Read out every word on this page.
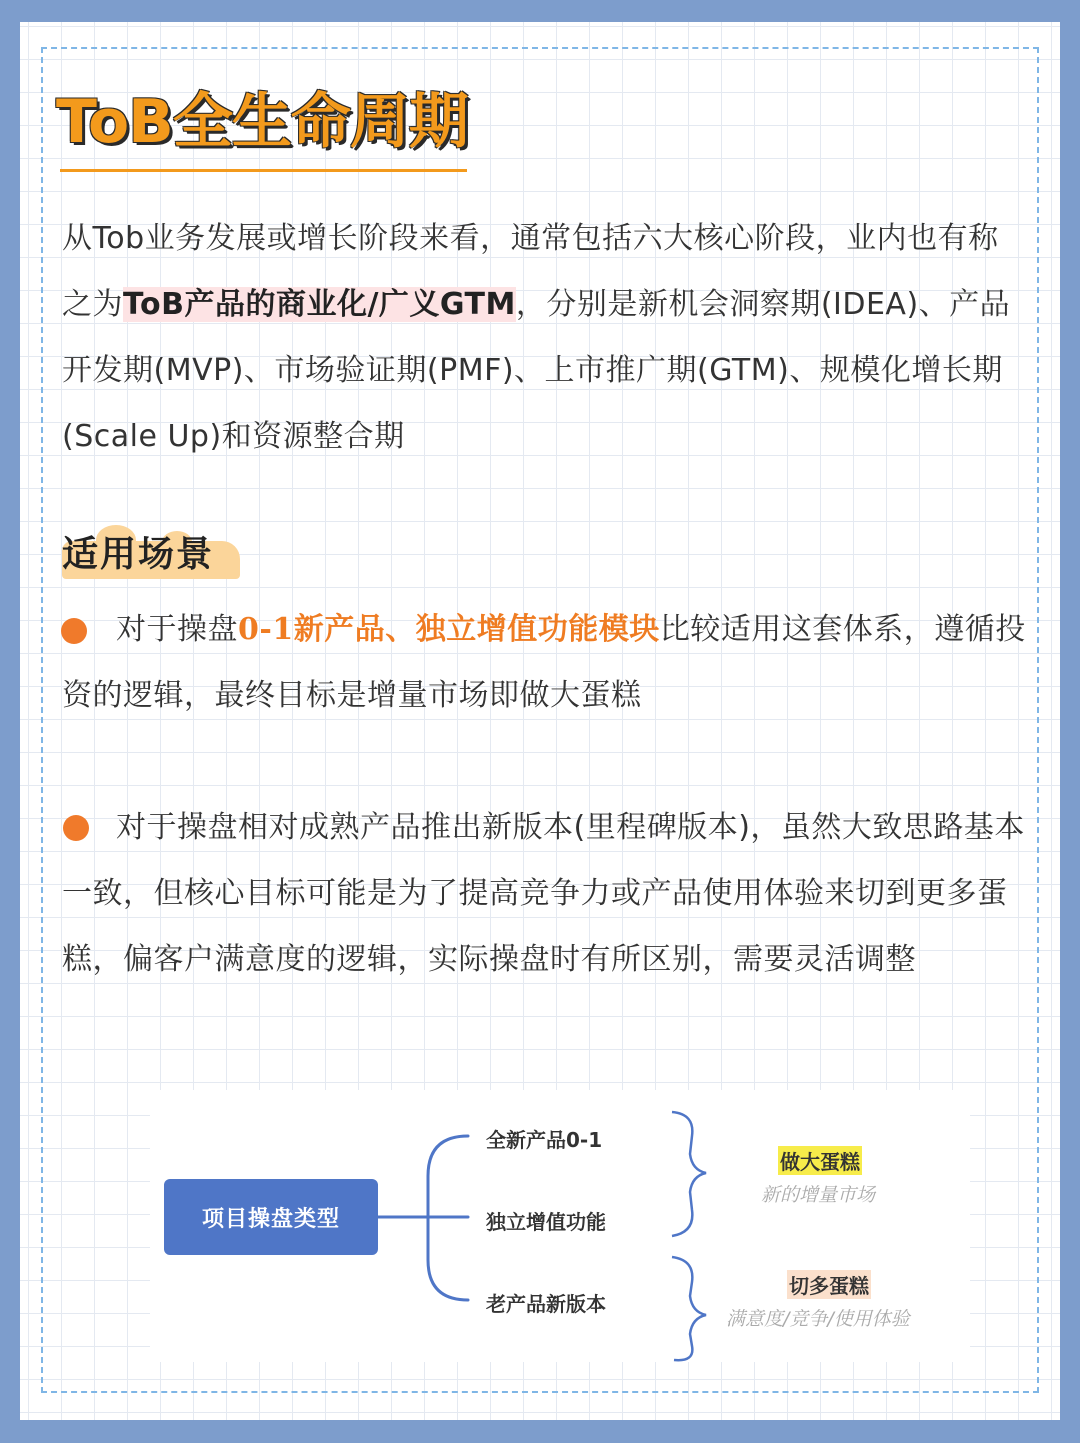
ToB全生命周期

从Tob业务发展或增长阶段来看，通常包括六大核心阶段，业内也有称之为ToB产品的商业化/广义GTM，分别是新机会洞察期(IDEA)、产品开发期(MVP)、市场验证期(PMF)、上市推广期(GTM)、规模化增长期(Scale Up)和资源整合期

适用场景

对于操盘0-1新产品、独立增值功能模块比较适用这套体系，遵循投资的逻辑，最终目标是增量市场即做大蛋糕

对于操盘相对成熟产品推出新版本(里程碑版本)，虽然大致思路基本一致，但核心目标可能是为了提高竞争力或产品使用体验来切到更多蛋糕，偏客户满意度的逻辑，实际操盘时有所区别，需要灵活调整

项目操盘类型
全新产品0-1
独立增值功能
老产品新版本
做大蛋糕
新的增量市场
切多蛋糕
满意度/竞争/使用体验
